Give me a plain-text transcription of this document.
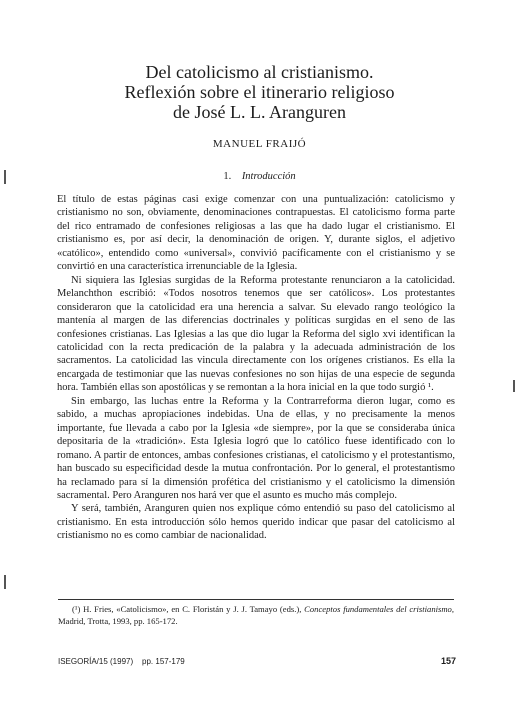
Del catolicismo al cristianismo.
Reflexión sobre el itinerario religioso
de José L. L. Aranguren
MANUEL FRAIJÓ
1. Introducción

El título de estas páginas casi exige comenzar con una puntualización: catolicismo y cristianismo no son, obviamente, denominaciones contrapuestas. El catolicismo forma parte del rico entramado de confesiones religiosas a las que ha dado lugar el cristianismo. El cristianismo es, por así decir, la denominación de origen. Y, durante siglos, el adjetivo «católico», entendido como «universal», convivió pacíficamente con el cristianismo y se convirtió en una característica irrenunciable de la Iglesia.

Ni siquiera las Iglesias surgidas de la Reforma protestante renunciaron a la catolicidad. Melanchthon escribió: «Todos nosotros tenemos que ser católicos». Los protestantes consideraron que la catolicidad era una herencia a salvar. Su elevado rango teológico la mantenía al margen de las diferencias doctrinales y políticas surgidas en el seno de las confesiones cristianas. Las Iglesias a las que dio lugar la Reforma del siglo xvi identifican la catolicidad con la recta predicación de la palabra y la adecuada administración de los sacramentos. La catolicidad las vincula directamente con los orígenes cristianos. Es ella la encargada de testimoniar que las nuevas confesiones no son hijas de una especie de segunda hora. También ellas son apostólicas y se remontan a la hora inicial en la que todo surgió ¹.

Sin embargo, las luchas entre la Reforma y la Contrarreforma dieron lugar, como es sabido, a muchas apropiaciones indebidas. Una de ellas, y no precisamente la menos importante, fue llevada a cabo por la Iglesia «de siempre», por la que se consideraba única depositaria de la «tradición». Esta Iglesia logró que lo católico fuese identificado con lo romano. A partir de entonces, ambas confesiones cristianas, el catolicismo y el protestantismo, han buscado su especificidad desde la mutua confrontación. Por lo general, el protestantismo ha reclamado para sí la dimensión profética del cristianismo y el catolicismo la dimensión sacramental. Pero Aranguren nos hará ver que el asunto es mucho más complejo.

Y será, también, Aranguren quien nos explique cómo entendió su paso del catolicismo al cristianismo. En esta introducción sólo hemos querido indicar que pasar del catolicismo al cristianismo no es como cambiar de nacionalidad.

(¹) H. Fries, «Catolicismo», en C. Floristán y J. J. Tamayo (eds.), Conceptos fundamentales del cristianismo, Madrid, Trotta, 1993, pp. 165-172.
ISEGORÍA/15 (1997)    pp. 157-179	157
